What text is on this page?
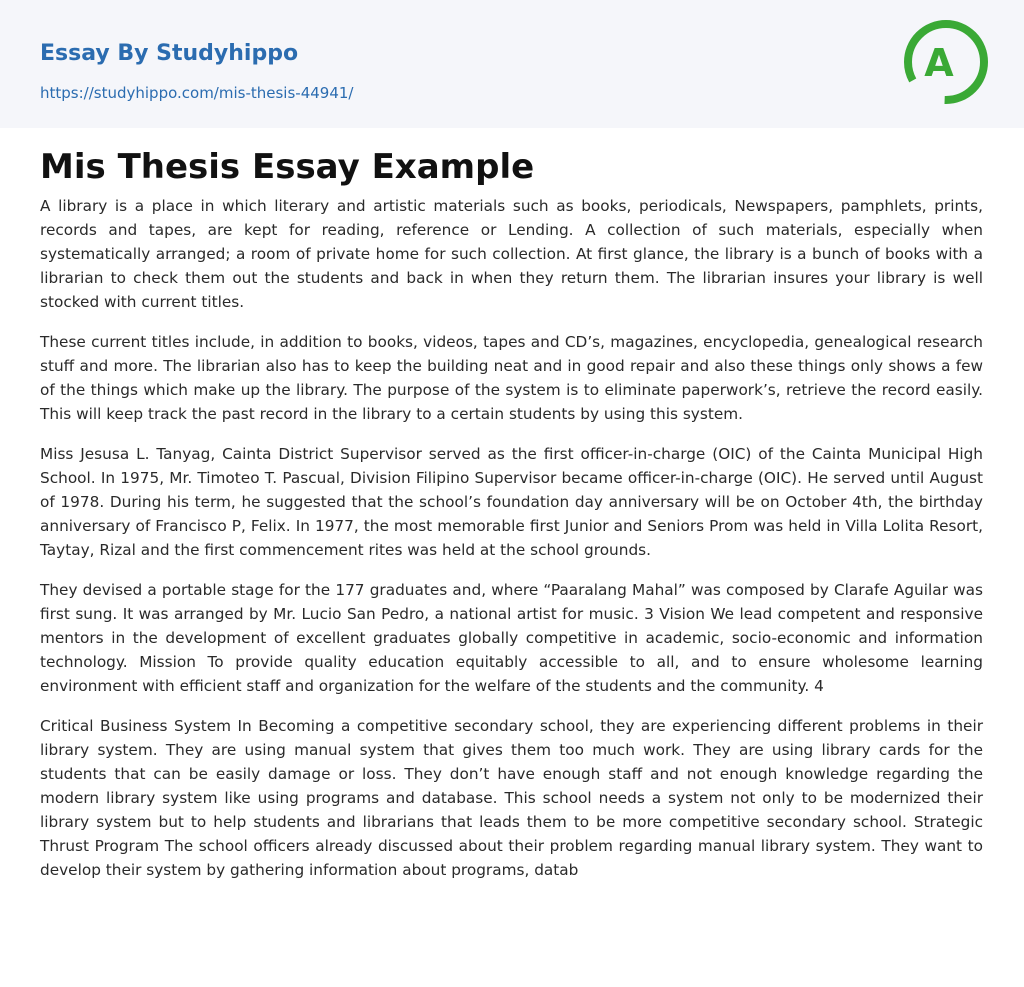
Essay By Studyhippo
https://studyhippo.com/mis-thesis-44941/
A
Mis Thesis Essay Example

A library is a place in which literary and artistic materials such as books, periodicals, Newspapers, pamphlets, prints, records and tapes, are kept for reading, reference or Lending. A collection of such materials, especially when systematically arranged; a room of private home for such collection. At first glance, the library is a bunch of books with a librarian to check them out the students and back in when they return them. The librarian insures your library is well stocked with current titles.

These current titles include, in addition to books, videos, tapes and CD’s, magazines, encyclopedia, genealogical research stuff and more. The librarian also has to keep the building neat and in good repair and also these things only shows a few of the things which make up the library. The purpose of the system is to eliminate paperwork’s, retrieve the record easily. This will keep track the past record in the library to a certain students by using this system.

Miss Jesusa L. Tanyag, Cainta District Supervisor served as the first officer-in-charge (OIC) of the Cainta Municipal High School. In 1975, Mr. Timoteo T. Pascual, Division Filipino Supervisor became officer-in-charge (OIC). He served until August of 1978. During his term, he suggested that the school’s foundation day anniversary will be on October 4th, the birthday anniversary of Francisco P, Felix. In 1977, the most memorable first Junior and Seniors Prom was held in Villa Lolita Resort, Taytay, Rizal and the first commencement rites was held at the school grounds.

They devised a portable stage for the 177 graduates and, where “Paaralang Mahal” was composed by Clarafe Aguilar was first sung. It was arranged by Mr. Lucio San Pedro, a national artist for music. 3 Vision We lead competent and responsive mentors in the development of excellent graduates globally competitive in academic, socio-economic and information technology. Mission To provide quality education equitably accessible to all, and to ensure wholesome learning environment with efficient staff and organization for the welfare of the students and the community. 4

Critical Business System In Becoming a competitive secondary school, they are experiencing different problems in their library system. They are using manual system that gives them too much work. They are using library cards for the students that can be easily damage or loss. They don’t have enough staff and not enough knowledge regarding the modern library system like using programs and database. This school needs a system not only to be modernized their library system but to help students and librarians that leads them to be more competitive secondary school. Strategic Thrust Program The school officers already discussed about their problem regarding manual library system. They want to develop their system by gathering information about programs, datab
